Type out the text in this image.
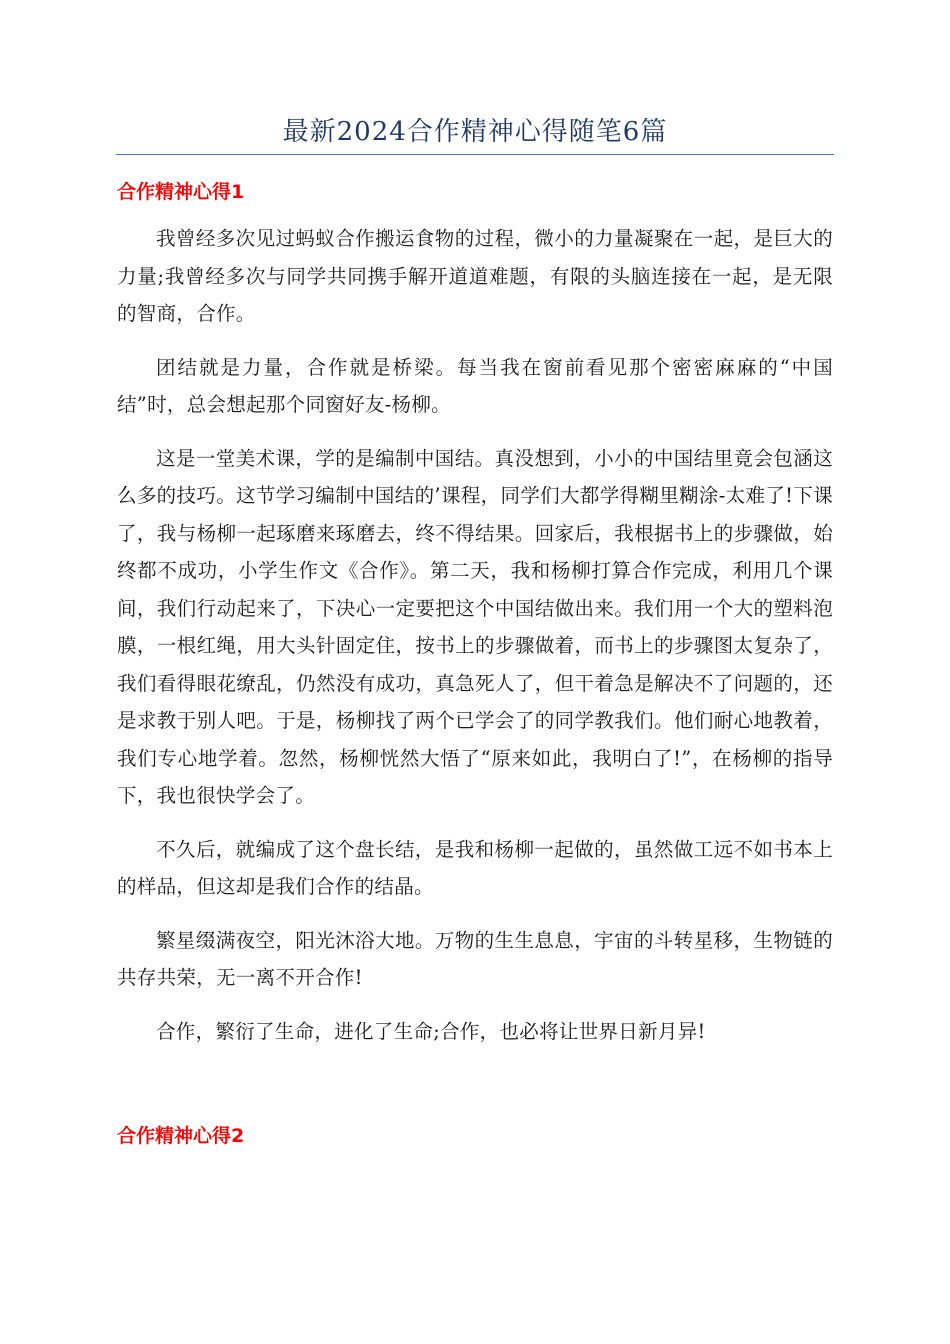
最新2024合作精神心得随笔6篇
合作精神心得1

我曾经多次见过蚂蚁合作搬运食物的过程，微小的力量凝聚在一起，是巨大的力量;我曾经多次与同学共同携手解开道道难题，有限的头脑连接在一起，是无限的智商，合作。

团结就是力量，合作就是桥梁。每当我在窗前看见那个密密麻麻的“中国结”时，总会想起那个同窗好友-杨柳。

这是一堂美术课，学的是编制中国结。真没想到，小小的中国结里竟会包涵这么多的技巧。这节学习编制中国结的’课程，同学们大都学得糊里糊涂-太难了!下课了，我与杨柳一起琢磨来琢磨去，终不得结果。回家后，我根据书上的步骤做，始终都不成功，小学生作文《合作》。第二天，我和杨柳打算合作完成，利用几个课间，我们行动起来了，下决心一定要把这个中国结做出来。我们用一个大的塑料泡膜，一根红绳，用大头针固定住，按书上的步骤做着，而书上的步骤图太复杂了，我们看得眼花缭乱，仍然没有成功，真急死人了，但干着急是解决不了问题的，还是求教于别人吧。于是，杨柳找了两个已学会了的同学教我们。他们耐心地教着，我们专心地学着。忽然，杨柳恍然大悟了“原来如此，我明白了!”，在杨柳的指导下，我也很快学会了。

不久后，就编成了这个盘长结，是我和杨柳一起做的，虽然做工远不如书本上的样品，但这却是我们合作的结晶。

繁星缀满夜空，阳光沐浴大地。万物的生生息息，宇宙的斗转星移，生物链的共存共荣，无一离不开合作!

合作，繁衍了生命，进化了生命;合作，也必将让世界日新月异!

合作精神心得2
